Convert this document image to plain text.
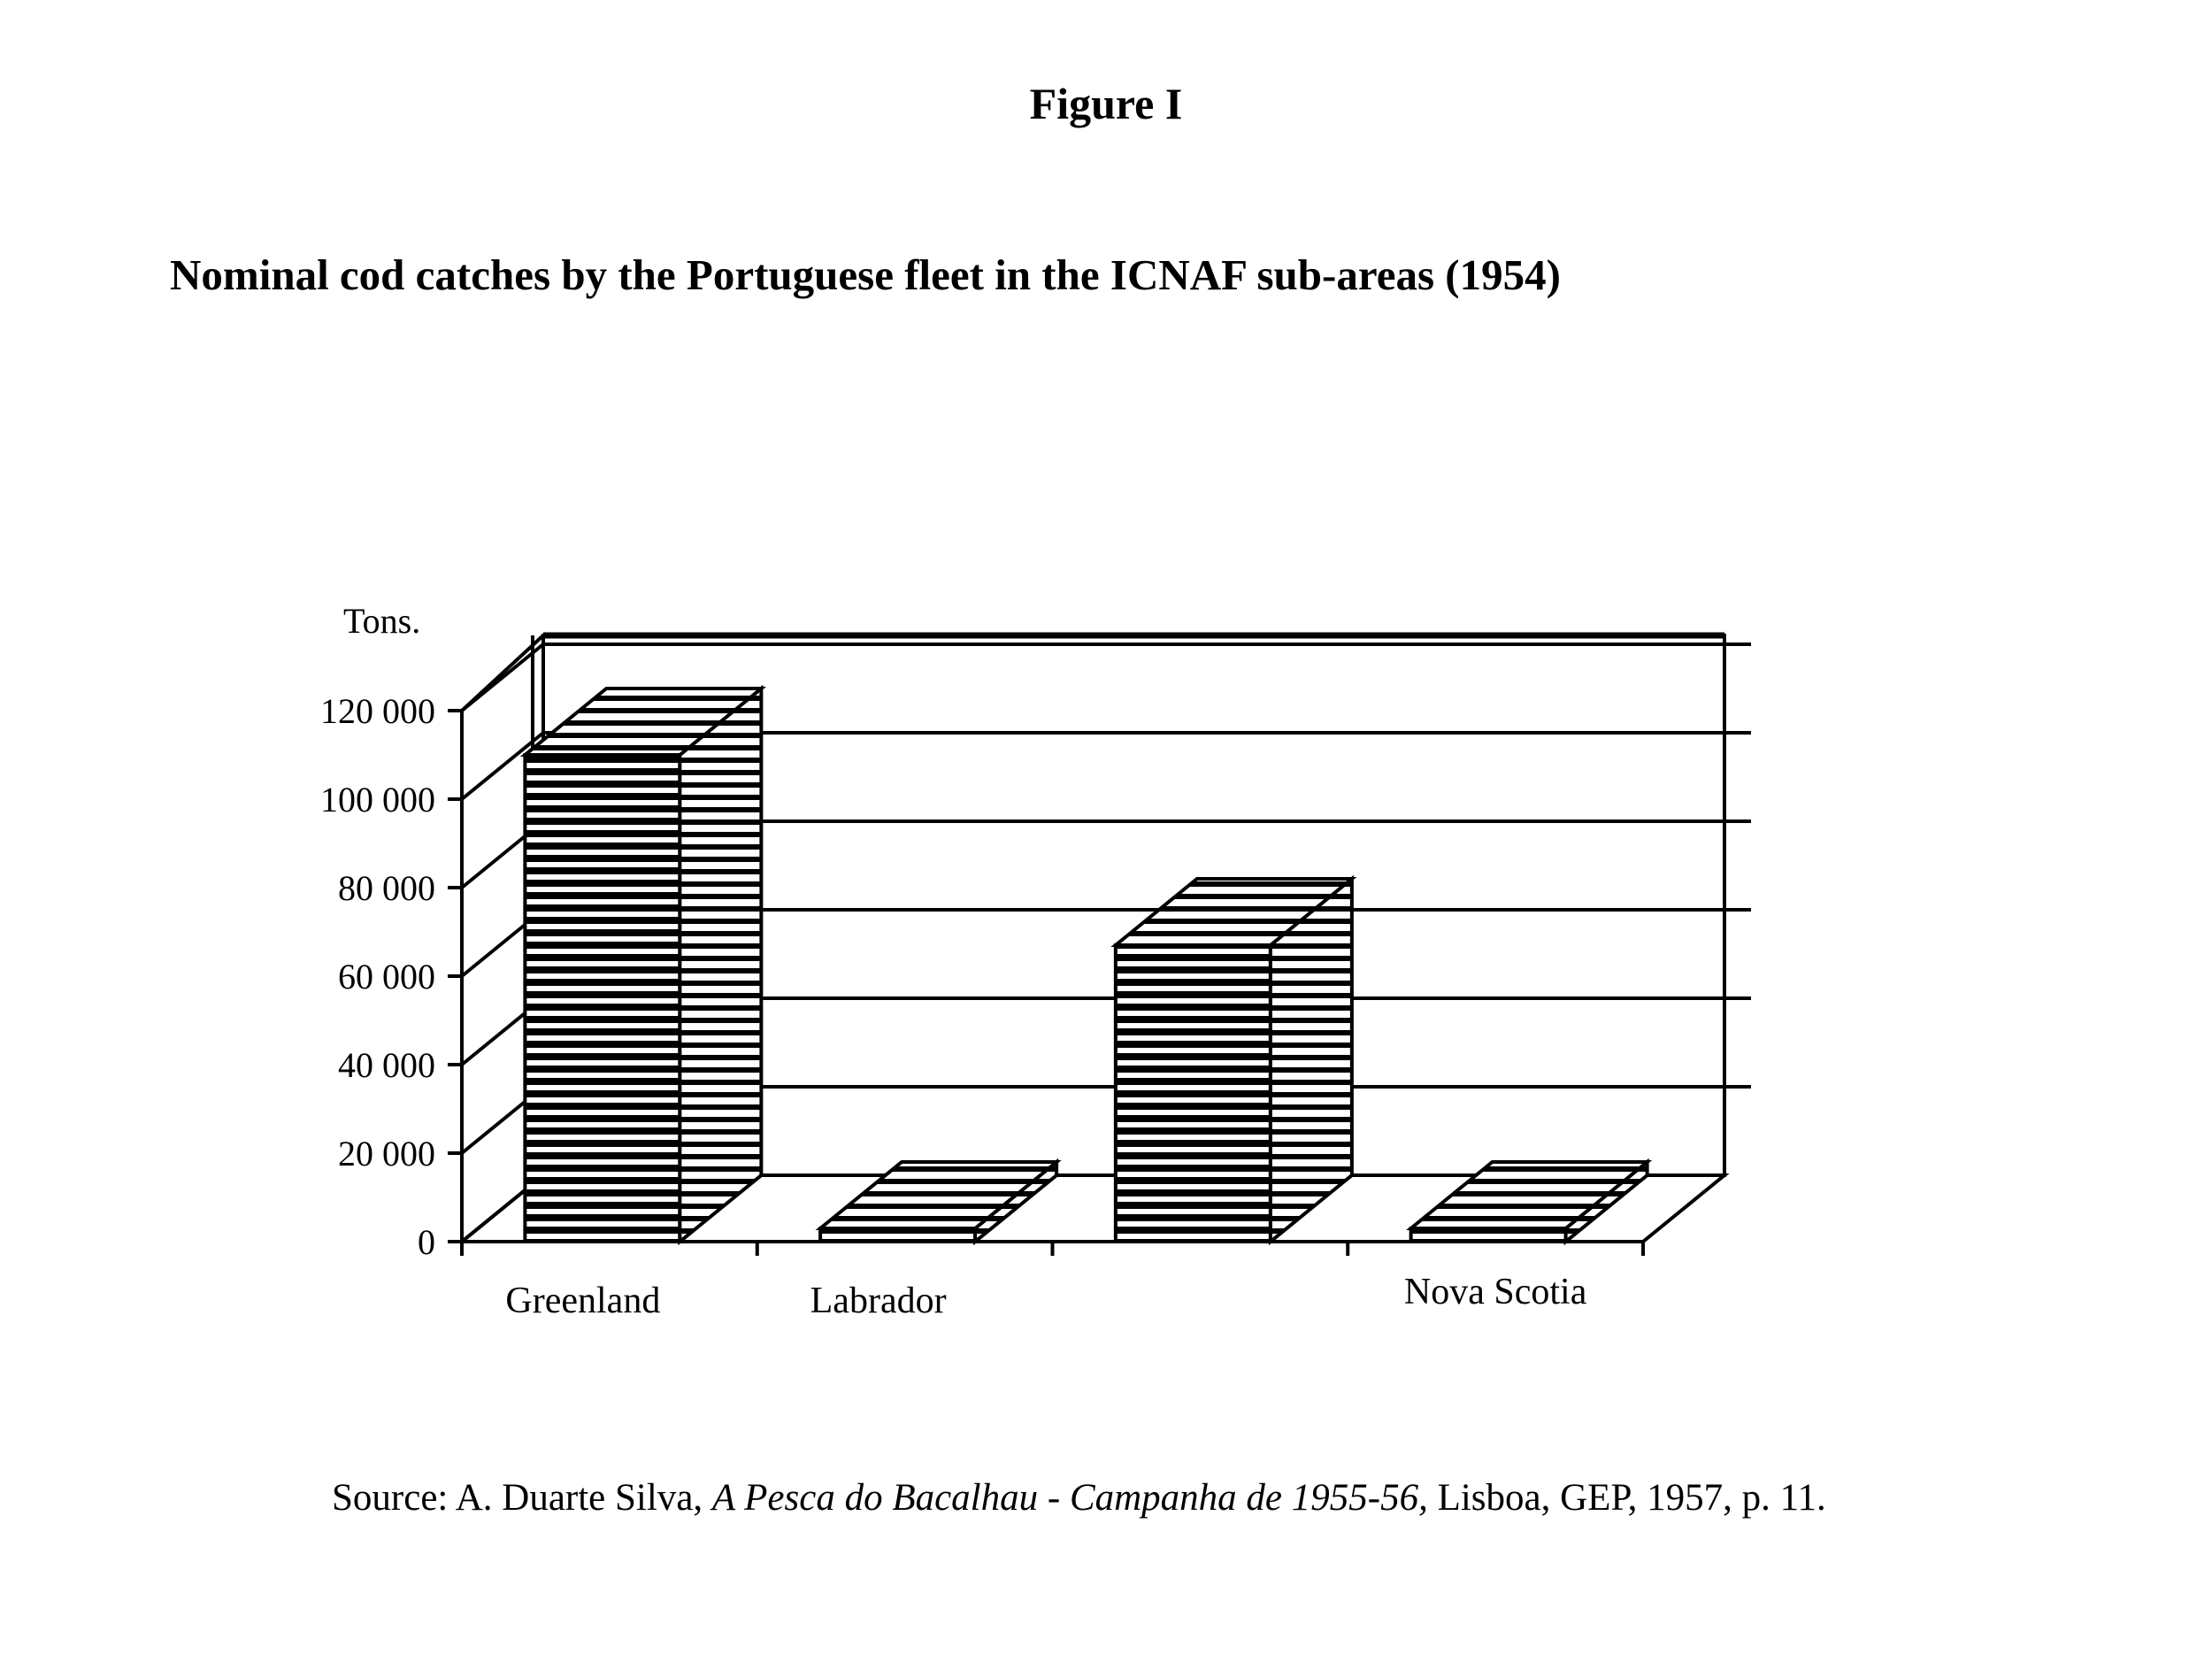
Figure I
Nominal cod catches by the Portuguese fleet in the ICNAF sub-areas (1954)
0
20 000
40 000
60 000
80 000
100 000
120 000
Tons.
Greenland	Labrador	Nova Scotia
Source: A. Duarte Silva, A Pesca do Bacalhau - Campanha de 1955-56, Lisboa, GEP, 1957, p. 11.
